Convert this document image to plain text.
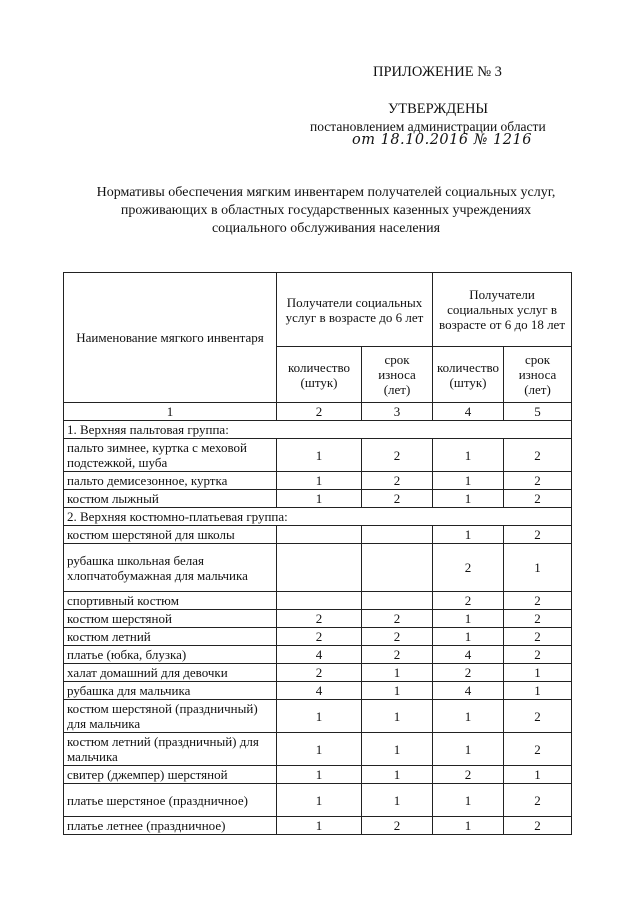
ПРИЛОЖЕНИЕ № 3
УТВЕРЖДЕНЫ
постановлением администрации области
от 18.10.2016 № 1216
Нормативы обеспечения мягким инвентарем получателей социальных услуг,
проживающих в областных государственных казенных учреждениях
социального обслуживания населения
Наименование мягкого инвентаря	Получатели социальных услуг в возрасте до 6 лет		Получатели социальных услуг в возрасте от 6 до 18 лет	
	количество (штук)	срок износа (лет)	количество (штук)	срок износа (лет)
1	2	3	4	5
1. Верхняя пальтовая группа:				
пальто зимнее, куртка с меховой подстежкой, шуба	1	2	1	2
пальто демисезонное, куртка	1	2	1	2
костюм лыжный	1	2	1	2
2. Верхняя костюмно-платьевая группа:				
костюм шерстяной для школы			1	2
рубашка школьная белая хлопчатобумажная для мальчика			2	1
спортивный костюм			2	2
костюм шерстяной	2	2	1	2
костюм летний	2	2	1	2
платье (юбка, блузка)	4	2	4	2
халат домашний для девочки	2	1	2	1
рубашка для мальчика	4	1	4	1
костюм шерстяной (праздничный) для мальчика	1	1	1	2
костюм летний (праздничный) для мальчика	1	1	1	2
свитер (джемпер) шерстяной	1	1	2	1
платье шерстяное (праздничное)	1	1	1	2
платье летнее (праздничное)	1	2	1	2
